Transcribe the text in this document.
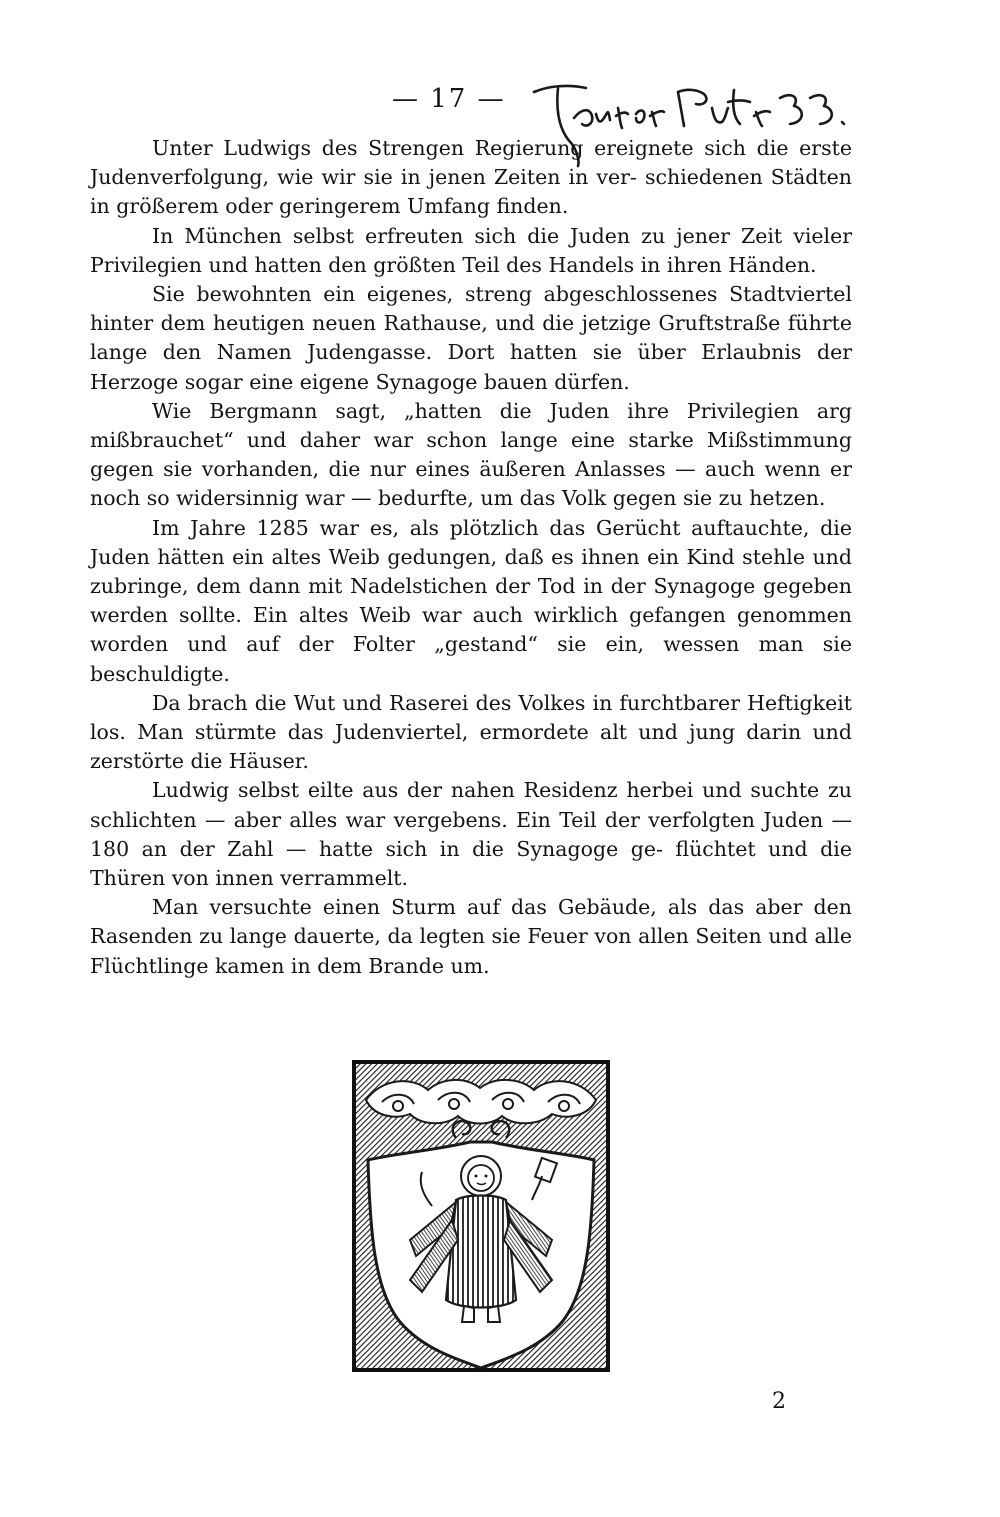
— 17 —

Unter Ludwigs des Strengen Regierung ereignete sich die erste Judenverfolgung, wie wir sie in jenen Zeiten in ver- schiedenen Städten in größerem oder geringerem Umfang finden.

In München selbst erfreuten sich die Juden zu jener Zeit vieler Privilegien und hatten den größten Teil des Handels in ihren Händen.

Sie bewohnten ein eigenes, streng abgeschlossenes Stadtviertel hinter dem heutigen neuen Rathause, und die jetzige Gruftstraße führte lange den Namen Judengasse. Dort hatten sie über Erlaubnis der Herzoge sogar eine eigene Synagoge bauen dürfen.

Wie Bergmann sagt, „hatten die Juden ihre Privilegien arg mißbrauchet“ und daher war schon lange eine starke Mißstimmung gegen sie vorhanden, die nur eines äußeren Anlasses — auch wenn er noch so widersinnig war — bedurfte, um das Volk gegen sie zu hetzen.

Im Jahre 1285 war es, als plötzlich das Gerücht auftauchte, die Juden hätten ein altes Weib gedungen, daß es ihnen ein Kind stehle und zubringe, dem dann mit Nadelstichen der Tod in der Synagoge gegeben werden sollte. Ein altes Weib war auch wirklich gefangen genommen worden und auf der Folter „gestand“ sie ein, wessen man sie beschuldigte.

Da brach die Wut und Raserei des Volkes in furchtbarer Heftigkeit los. Man stürmte das Judenviertel, ermordete alt und jung darin und zerstörte die Häuser.

Ludwig selbst eilte aus der nahen Residenz herbei und suchte zu schlichten — aber alles war vergebens. Ein Teil der verfolgten Juden — 180 an der Zahl — hatte sich in die Synagoge ge- flüchtet und die Thüren von innen verrammelt.

Man versuchte einen Sturm auf das Gebäude, als das aber den Rasenden zu lange dauerte, da legten sie Feuer von allen Seiten und alle Flüchtlinge kamen in dem Brande um.

2
